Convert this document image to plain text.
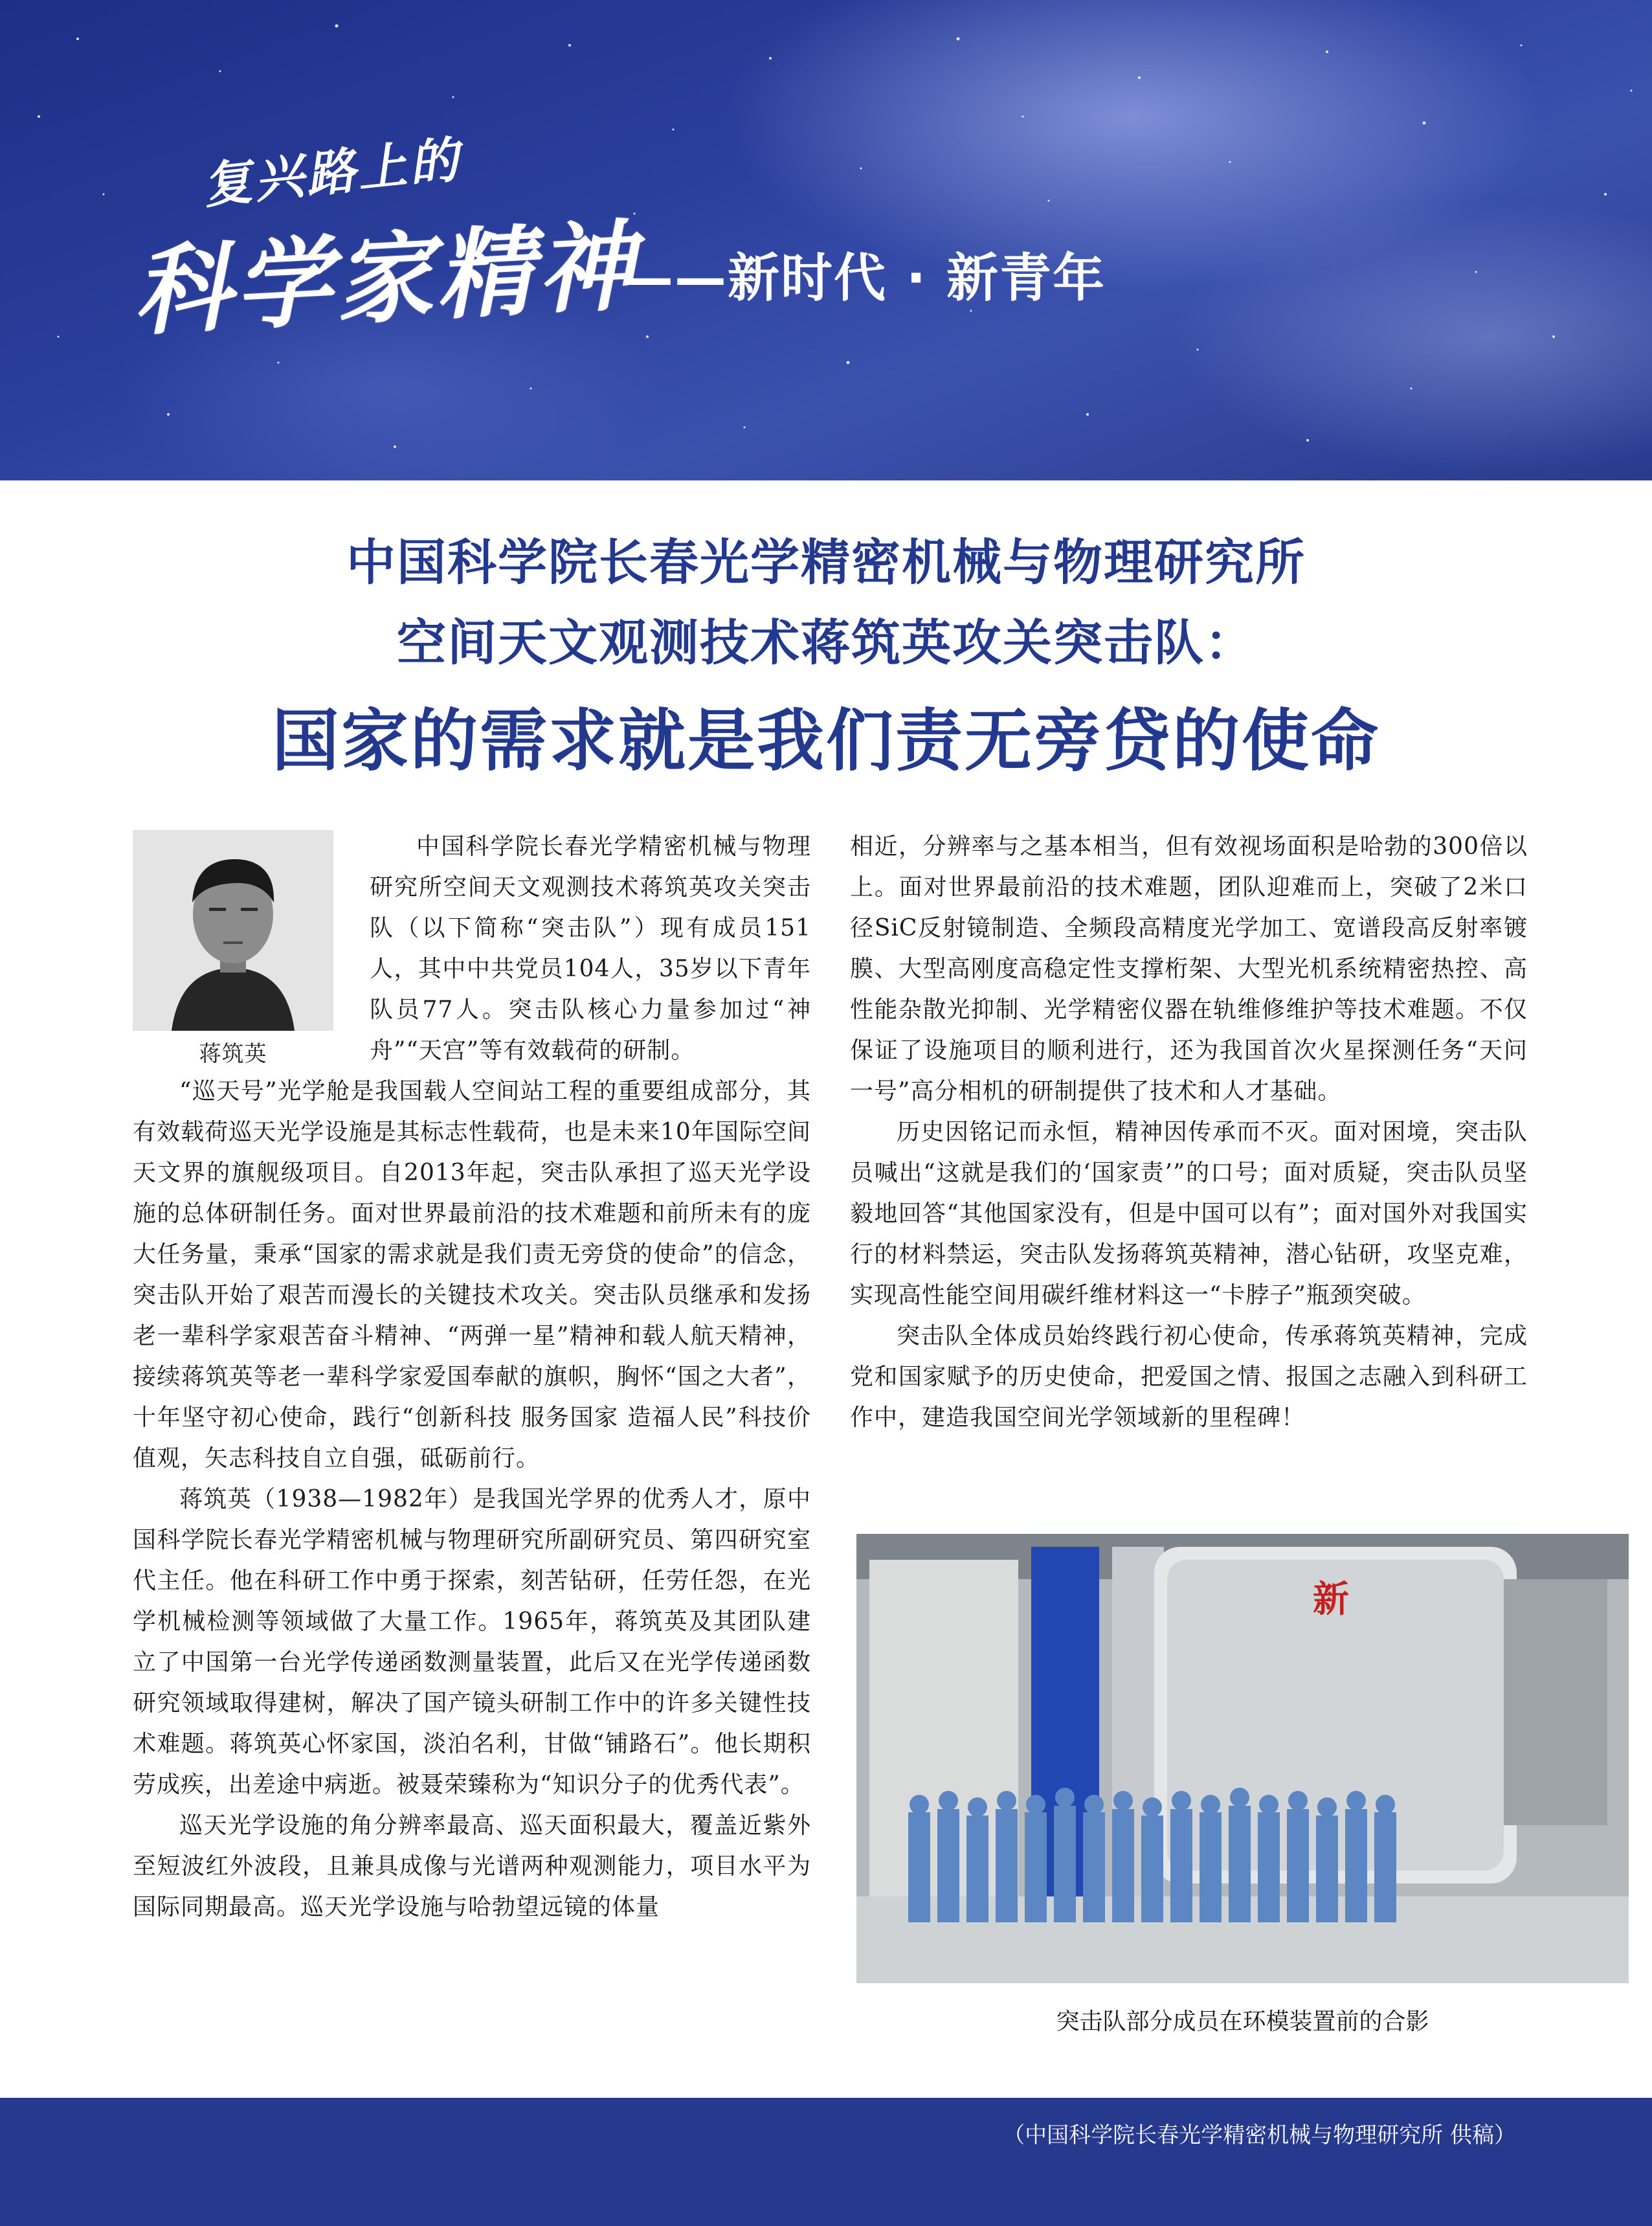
复兴路上的
科学家精神
——新时代 · 新青年
中国科学院长春光学精密机械与物理研究所
空间天文观测技术蒋筑英攻关突击队：
国家的需求就是我们责无旁贷的使命
蒋筑英

中国科学院长春光学精密机械与物理研究所空间天文观测技术蒋筑英攻关突击队（以下简称“突击队”）现有成员151人，其中中共党员104人，35岁以下青年队员77人。突击队核心力量参加过“神舟”“天宫”等有效载荷的研制。

“巡天号”光学舱是我国载人空间站工程的重要组成部分，其有效载荷巡天光学设施是其标志性载荷，也是未来10年国际空间天文界的旗舰级项目。自2013年起，突击队承担了巡天光学设施的总体研制任务。面对世界最前沿的技术难题和前所未有的庞大任务量，秉承“国家的需求就是我们责无旁贷的使命”的信念，突击队开始了艰苦而漫长的关键技术攻关。突击队员继承和发扬老一辈科学家艰苦奋斗精神、“两弹一星”精神和载人航天精神，接续蒋筑英等老一辈科学家爱国奉献的旗帜，胸怀“国之大者”，十年坚守初心使命，践行“创新科技 服务国家 造福人民”科技价值观，矢志科技自立自强，砥砺前行。

蒋筑英（1938—1982年）是我国光学界的优秀人才，原中国科学院长春光学精密机械与物理研究所副研究员、第四研究室代主任。他在科研工作中勇于探索，刻苦钻研，任劳任怨，在光学机械检测等领域做了大量工作。1965年，蒋筑英及其团队建立了中国第一台光学传递函数测量装置，此后又在光学传递函数研究领域取得建树，解决了国产镜头研制工作中的许多关键性技术难题。蒋筑英心怀家国，淡泊名利，甘做“铺路石”。他长期积劳成疾，出差途中病逝。被聂荣臻称为“知识分子的优秀代表”。

巡天光学设施的角分辨率最高、巡天面积最大，覆盖近紫外至短波红外波段，且兼具成像与光谱两种观测能力，项目水平为国际同期最高。巡天光学设施与哈勃望远镜的体量

相近，分辨率与之基本相当，但有效视场面积是哈勃的300倍以上。面对世界最前沿的技术难题，团队迎难而上，突破了2米口径SiC反射镜制造、全频段高精度光学加工、宽谱段高反射率镀膜、大型高刚度高稳定性支撑桁架、大型光机系统精密热控、高性能杂散光抑制、光学精密仪器在轨维修维护等技术难题。不仅保证了设施项目的顺利进行，还为我国首次火星探测任务“天问一号”高分相机的研制提供了技术和人才基础。

历史因铭记而永恒，精神因传承而不灭。面对困境，突击队员喊出“这就是我们的‘国家责’”的口号；面对质疑，突击队员坚毅地回答“其他国家没有，但是中国可以有”；面对国外对我国实行的材料禁运，突击队发扬蒋筑英精神，潜心钻研，攻坚克难，实现高性能空间用碳纤维材料这一“卡脖子”瓶颈突破。

突击队全体成员始终践行初心使命，传承蒋筑英精神，完成党和国家赋予的历史使命，把爱国之情、报国之志融入到科研工作中，建造我国空间光学领域新的里程碑！

新
突击队部分成员在环模装置前的合影
（中国科学院长春光学精密机械与物理研究所 供稿）
